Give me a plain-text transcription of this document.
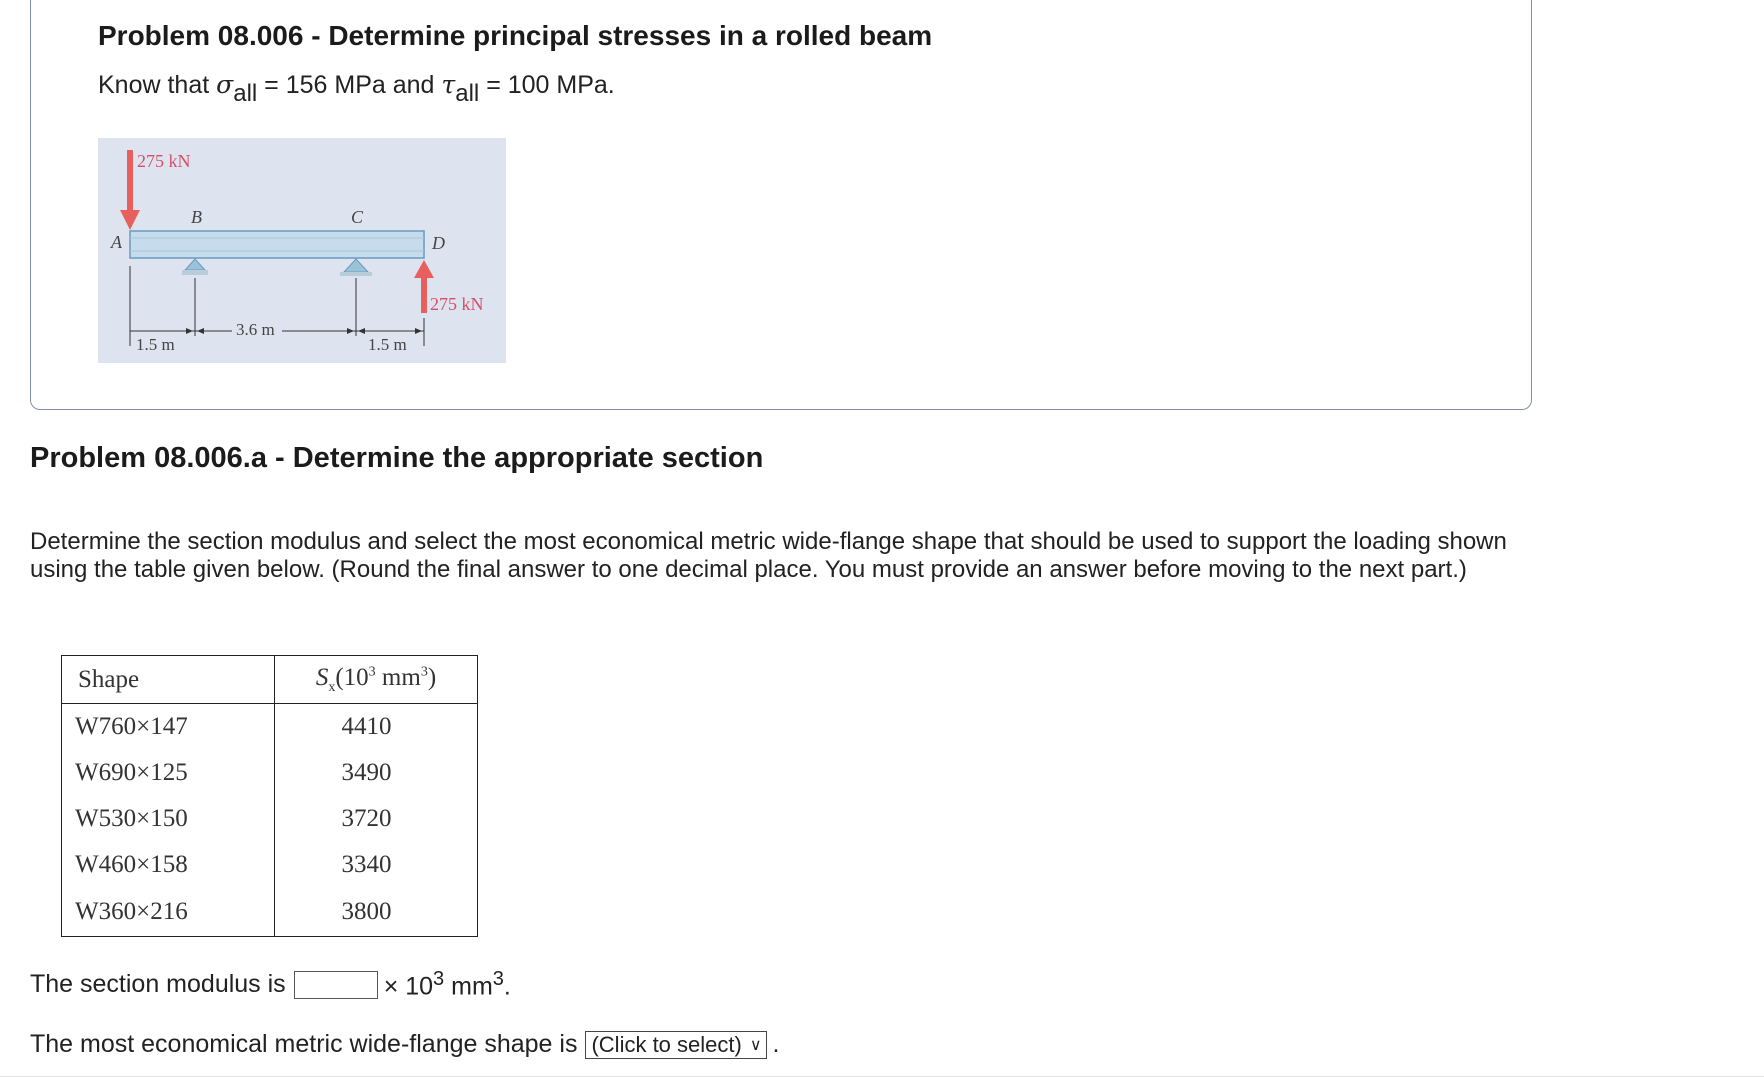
Problem 08.006 - Determine principal stresses in a rolled beam
Know that $\sigma_{all} = 156$ MPa and $\tau_{all} = 100$ MPa.
275 kN
A
B	C
D
275 kN
1.5 m
3.6 m
1.5 m
Problem 08.006.a - Determine the appropriate section
Determine the section modulus and select the most economical metric wide-flange shape that should be used to support the loading shown using the table given below. (Round the final answer to one decimal place. You must provide an answer before moving to the next part.)
Shape	$S_x(10^3$ $mm^3$)
W760×147	4410
W690×125	3490
W530×150	3720
W460×158	3340
W360×216	3800
The section modulus is	× $10^3$ $mm^3$.
The most economical metric wide-flange shape is (Click to select) ∨ .
